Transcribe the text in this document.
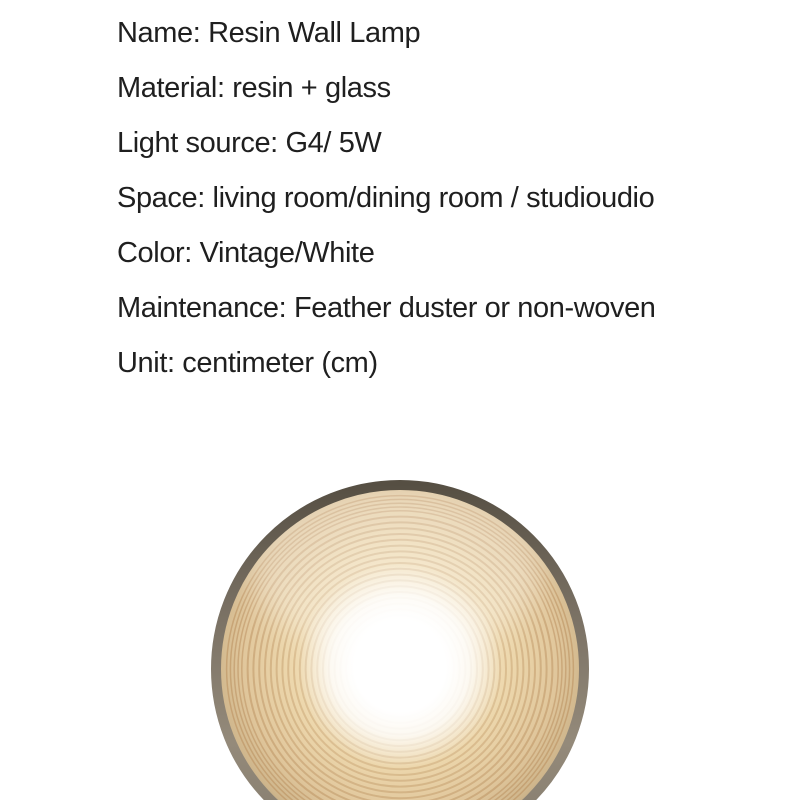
Name: Resin Wall Lamp
Material: resin + glass
Light source: G4/ 5W
Space: living room/dining room / studioudio
Color: Vintage/White
Maintenance: Feather duster or non-woven
Unit: centimeter (cm)
